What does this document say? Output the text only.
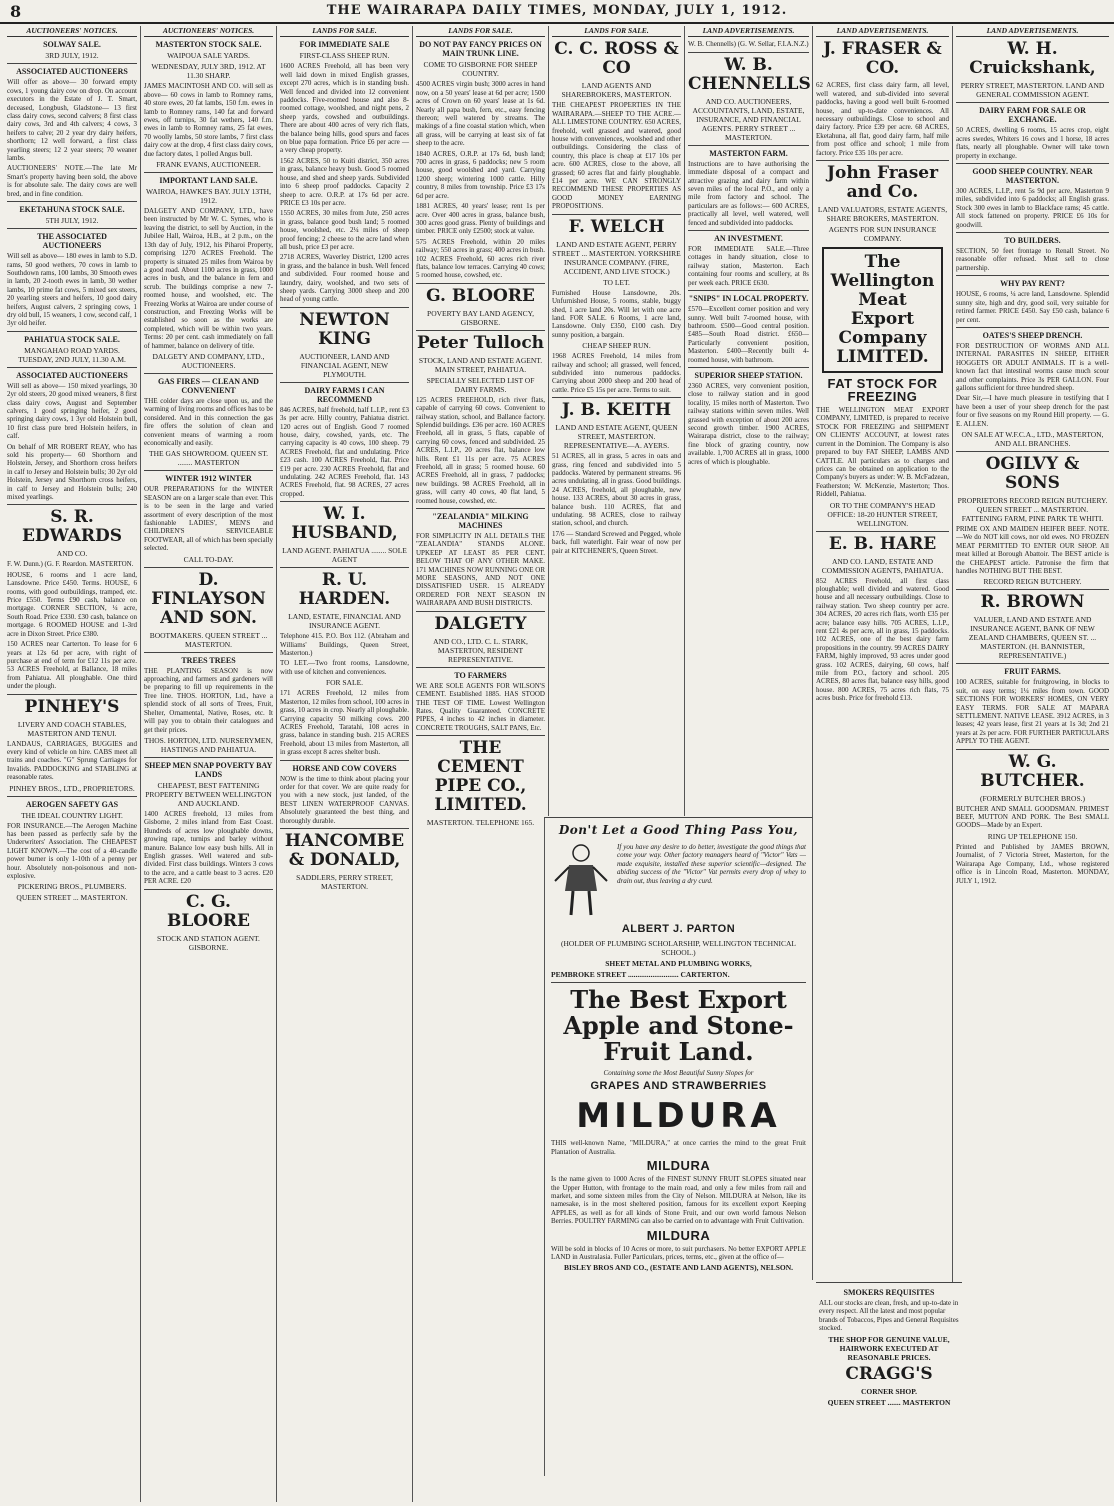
8	THE WAIRARAPA DAILY TIMES, MONDAY, JULY 1, 1912.
AUCTIONEERS' NOTICES.
SOLWAY SALE.
3RD JULY, 1912.
ASSOCIATED AUCTIONEERS
Will offer as above— 30 forward empty cows, 1 young dairy cow on drop. On account executors in the Estate of J. T. Smart, deceased, Longbush, Gladstone— 13 first class dairy cows, second calvers; 8 first class dairy cows, 3rd and 4th calvers; 4 cows, 3 heifers to calve; 20 2 year dry dairy heifers, shorthorn; 12 well forward, a first class yearling steers; 12 2 year steers; 70 weaner lambs.
AUCTIONEERS' NOTE.—The late Mr Smart's property having been sold, the above is for absolute sale. The dairy cows are well bred, and in fine condition.
EKETAHUNA STOCK SALE.
5TH JULY, 1912.
THE ASSOCIATED AUCTIONEERS
Will sell as above— 180 ewes in lamb to S.D. rams, 50 good wethers, 70 cows in lamb to Southdown rams, 100 lambs, 30 Smooth ewes in lamb, 20 2-tooth ewes in lamb, 30 wether lambs, 10 prime fat cows, 5 mixed sex steers, 20 yearling steers and heifers, 10 good dairy heifers, August calvers, 2 springing cows, 1 dry old bull, 15 weaners, 1 cow, second calf, 1 3yr old heifer.
PAHIATUA STOCK SALE.
MANGAHAO ROAD YARDS. TUESDAY, 2ND JULY, 11.30 A.M.
ASSOCIATED AUCTIONEERS
Will sell as above— 150 mixed yearlings, 30 2yr old steers, 20 good mixed weaners, 8 first class dairy cows, August and September calvers, 1 good springing heifer, 2 good springing dairy cows, 1 3yr old Holstein bull, 10 first class pure bred Holstein heifers, in calf.
On behalf of MR ROBERT REAY, who has sold his property— 60 Shorthorn and Holstein, Jersey, and Shorthorn cross heifers in calf to Jersey and Holstein bulls; 30 2yr old Holstein, Jersey and Shorthorn cross heifers, in calf to Jersey and Holstein bulls; 240 mixed yearlings.
S. R. EDWARDS
AND CO.
F. W. Dunn.) (G. F. Reardon. MASTERTON.
HOUSE, 6 rooms and 1 acre land, Lansdowne. Price £450. Terms. HOUSE, 6 rooms, with good outbuildings, tramped, etc. Price £550. Terms £90 cash, balance on mortgage. CORNER SECTION, ¼ acre, South Road. Price £330. £30 cash, balance on mortgage. 6 ROOMED HOUSE and 1-3rd acre in Dixon Street. Price £380.
150 ACRES near Carterton. To lease for 6 years at 12s 6d per acre, with right of purchase at end of term for £12 11s per acre. 53 ACRES Freehold, at Ballance, 18 miles from Pahiatua. All ploughable. One third under the plough.
PINHEY'S
LIVERY AND COACH STABLES, MASTERTON AND TENUI.
LANDAUS, CARRIAGES, BUGGIES and every kind of vehicle on hire. CABS meet all trains and coaches. "G" Sprung Carriages for Invalids. PADDOCKING and STABLING at reasonable rates.
PINHEY BROS., LTD., PROPRIETORS.
AEROGEN SAFETY GAS
THE IDEAL COUNTRY LIGHT.
FOR INSURANCE.—The Aerogen Machine has been passed as perfectly safe by the Underwriters' Association. The CHEAPEST LIGHT KNOWN.—The cost of a 40-candle power burner is only 1-10th of a penny per hour. Absolutely non-poisonous and non-explosive.
PICKERING BROS., PLUMBERS.
QUEEN STREET ... MASTERTON.
AUCTIONEERS' NOTICES.
MASTERTON STOCK SALE.
WAIPOUA SALE YARDS.
WEDNESDAY, JULY 3RD, 1912. AT 11.30 SHARP.
JAMES MACINTOSH AND CO. will sell as above— 60 cows in lamb to Romney rams, 40 store ewes, 20 fat lambs, 150 f.m. ewes in lamb to Romney rams, 140 fat and forward ewes, off turnips, 30 fat wethers, 140 f.m. ewes in lamb to Romney rams, 25 fat ewes, 70 woolly lambs, 50 store lambs, 7 first class dairy cow at the drop, 4 first class dairy cows, due factory dates, 1 polled Angus bull.
FRANK EVANS, AUCTIONEER.
IMPORTANT LAND SALE.
WAIROA, HAWKE'S BAY. JULY 13TH, 1912.
DALGETY AND COMPANY, LTD., have been instructed by Mr W. C. Symes, who is leaving the district, to sell by Auction, in the Jubilee Hall, Wairoa, H.B., at 2 p.m., on the 13th day of July, 1912, his Piharoi Property, comprising 1270 ACRES Freehold. The property is situated 25 miles from Wairoa by a good road. About 1100 acres in grass, 1000 acres in bush, and the balance in fern and scrub. The buildings comprise a new 7-roomed house, and woolshed, etc. The Freezing Works at Wairoa are under course of construction, and Freezing Works will be established so soon as the works are completed, which will be within two years. Terms: 20 per cent. cash immediately on fall of hammer, balance on delivery of title.
DALGETY AND COMPANY, LTD., AUCTIONEERS.
GAS FIRES — CLEAN AND CONVENIENT
THE colder days are close upon us, and the warming of living rooms and offices has to be considered. And in this connection the gas fire offers the solution of clean and convenient means of warming a room economically and easily.
THE GAS SHOWROOM. QUEEN ST. ........ MASTERTON
WINTER 1912 WINTER
OUR PREPARATIONS for the WINTER SEASON are on a larger scale than ever. This is to be seen in the large and varied assortment of every description of the most fashionable LADIES', MEN'S and CHILDREN'S SERVICEABLE FOOTWEAR, all of which has been specially selected.
CALL TO-DAY.
D. FINLAYSON AND SON.
BOOTMAKERS. QUEEN STREET ... MASTERTON.
TREES TREES
THE PLANTING SEASON is now approaching, and farmers and gardeners will be preparing to fill up requirements in the Tree line. THOS. HORTON, Ltd., have a splendid stock of all sorts of Trees, Fruit, Shelter, Ornamental, Native, Roses, etc. It will pay you to obtain their catalogues and get their prices.
THOS. HORTON, LTD. NURSERYMEN, HASTINGS AND PAHIATUA.
SHEEP MEN SNAP POVERTY BAY LANDS
CHEAPEST, BEST FATTENING PROPERTY BETWEEN WELLINGTON AND AUCKLAND.
1400 ACRES freehold, 13 miles from Gisborne, 2 miles inland from East Coast. Hundreds of acres low ploughable downs, growing rape, turnips and barley without manure. Balance low easy bush hills. All in English grasses. Well watered and sub-divided. First class buildings. Winters 3 cows to the acre, and a cattle beast to 3 acres. £20 PER ACRE. £20
C. G. BLOORE
STOCK AND STATION AGENT. GISBORNE.
LANDS FOR SALE.
FOR IMMEDIATE SALE
FIRST-CLASS SHEEP RUN.
1600 ACRES Freehold, all has been very well laid down in mixed English grasses, except 270 acres, which is in standing bush. Well fenced and divided into 12 convenient paddocks. Five-roomed house and also 8-roomed cottage, woolshed, and night pens, 2 sheep yards, cowshed and outbuildings. There are about 400 acres of very rich flats, the balance being hills, good spurs and faces on blue papa formation. Price £6 per acre — a very cheap property.
1562 ACRES, 50 to Kuiti district, 350 acres in grass, balance heavy bush. Good 5 roomed house, and shed and sheep yards. Subdivided into 6 sheep proof paddocks. Capacity 2 sheep to acre. O.R.P. at 17s 6d per acre. PRICE £3 10s per acre.
1550 ACRES, 30 miles from Jute, 250 acres in grass, balance good bush land; 5 roomed house, woolshed, etc. 2¼ miles of sheep proof fencing; 2 cheese to the acre land when all bush, price £3 per acre.
2718 ACRES, Waverley District, 1200 acres in grass, and the balance in bush. Well fenced and subdivided. Four roomed house and laundry, dairy, woolshed, and two sets of sheep yards. Carrying 3000 sheep and 200 head of young cattle.
NEWTON KING
AUCTIONEER, LAND AND FINANCIAL AGENT, NEW PLYMOUTH.
DAIRY FARMS I CAN RECOMMEND
846 ACRES, half freehold, half L.I.P., rent £3 3s per acre. Hilly country, Pahiatua district. 120 acres out of English. Good 7 roomed house, dairy, cowshed, yards, etc. The carrying capacity is 40 cows, 100 sheep. 79 ACRES Freehold, flat and undulating. Price £23 cash. 100 ACRES Freehold, flat. Price £19 per acre. 230 ACRES Freehold, flat and undulating. 242 ACRES Freehold, flat. 143 ACRES Freehold, flat. 98 ACRES, 27 acres cropped.
W. I. HUSBAND,
LAND AGENT. PAHIATUA ........ SOLE AGENT
R. U. HARDEN.
LAND, ESTATE, FINANCIAL AND INSURANCE AGENT.
Telephone 415. P.O. Box 112. (Abraham and Williams' Buildings, Queen Street, Masterton.)
TO LET.—Two front rooms, Lansdowne, with use of kitchen and conveniences.
FOR SALE.
171 ACRES Freehold, 12 miles from Masterton, 12 miles from school, 100 acres in grass, 10 acres in crop. Nearly all ploughable. Carrying capacity 50 milking cows. 200 ACRES Freehold, Taratahi, 108 acres in grass, balance in standing bush. 215 ACRES Freehold, about 13 miles from Masterton, all in grass except 8 acres shelter bush.
HORSE AND COW COVERS
NOW is the time to think about placing your order for that cover. We are quite ready for you with a new stock, just landed, of the BEST LINEN WATERPROOF CANVAS. Absolutely guaranteed the best thing, and thoroughly durable.
HANCOMBE & DONALD,
SADDLERS, PERRY STREET, MASTERTON.
LANDS FOR SALE.
DO NOT PAY FANCY PRICES ON MAIN TRUNK LINE.
COME TO GISBORNE FOR SHEEP COUNTRY.
4500 ACRES virgin bush; 3000 acres in hand now, on a 50 years' lease at 6d per acre; 1500 acres of Crown on 60 years' lease at 1s 6d. Nearly all papa bush, fern, etc., easy fencing thereon; well watered by streams. The makings of a fine coastal station which, when all grass, will be carrying at least six of fat sheep to the acre.
1840 ACRES, O.R.P. at 17s 6d, bush land; 700 acres in grass, 6 paddocks; new 5 room house, good woolshed and yard. Carrying 1200 sheep; wintering 1000 cattle. Hilly country, 8 miles from township. Price £3 17s 6d per acre.
1881 ACRES, 40 years' lease; rent 1s per acre. Over 400 acres in grass, balance bush, 300 acres good grass. Plenty of buildings and timber. PRICE only £2500; stock at value.
575 ACRES Freehold, within 20 miles railway; 550 acres in grass; 400 acres in bush. 102 ACRES Freehold, 60 acres rich river flats, balance low terraces. Carrying 40 cows; 5 roomed house, cowshed, etc.
G. BLOORE
POVERTY BAY LAND AGENCY, GISBORNE.
Peter Tulloch
STOCK, LAND AND ESTATE AGENT. MAIN STREET, PAHIATUA.
SPECIALLY SELECTED LIST OF DAIRY FARMS.
125 ACRES FREEHOLD, rich river flats, capable of carrying 60 cows. Convenient to railway station, school, and Ballance factory. Splendid buildings. £36 per acre. 160 ACRES Freehold, all in grass, 5 flats, capable of carrying 60 cows, fenced and subdivided. 25 ACRES, L.I.P., 20 acres flat, balance low hills. Rent £1 11s per acre. 75 ACRES Freehold, all in grass; 5 roomed house. 60 ACRES Freehold, all in grass, 7 paddocks; new buildings. 98 ACRES Freehold, all in grass, will carry 40 cows, 40 flat land, 5 roomed house, cowshed, etc.
"ZEALANDIA" MILKING MACHINES
FOR SIMPLICITY IN ALL DETAILS THE "ZEALANDIA" STANDS ALONE. UPKEEP AT LEAST 85 PER CENT. BELOW THAT OF ANY OTHER MAKE. 171 MACHINES NOW RUNNING ONE OR MORE SEASONS, AND NOT ONE DISSATISFIED USER. 15 ALREADY ORDERED FOR NEXT SEASON IN WAIRARAPA AND BUSH DISTRICTS.
DALGETY
AND CO., LTD. C. L. STARK, MASTERTON, RESIDENT REPRESENTATIVE.
TO FARMERS
WE ARE SOLE AGENTS FOR WILSON'S CEMENT. Established 1885. HAS STOOD THE TEST OF TIME. Lowest Wellington Rates. Quality Guaranteed. CONCRETE PIPES, 4 inches to 42 inches in diameter. CONCRETE TROUGHS, SALT PANS, Etc.
THE CEMENT PIPE CO., LIMITED.
MASTERTON. TELEPHONE 165.
LANDS FOR SALE.
C. C. ROSS & CO
LAND AGENTS AND SHAREBROKERS, MASTERTON.
THE CHEAPEST PROPERTIES IN THE WAIRARAPA.—SHEEP TO THE ACRE.—ALL LIMESTONE COUNTRY. 650 ACRES, freehold, well grassed and watered, good house with conveniences, woolshed and other outbuildings. Considering the class of country, this place is cheap at £17 10s per acre. 600 ACRES, close to the above, all grassed; 60 acres flat and fairly ploughable. £14 per acre. WE CAN STRONGLY RECOMMEND THESE PROPERTIES AS GOOD MONEY EARNING PROPOSITIONS.
F. WELCH
LAND AND ESTATE AGENT, PERRY STREET ... MASTERTON. YORKSHIRE INSURANCE COMPANY. (FIRE, ACCIDENT, AND LIVE STOCK.)
TO LET.
Furnished House Lansdowne, 20s. Unfurnished House, 5 rooms, stable, buggy shed, 1 acre land 20s. Will let with one acre land. FOR SALE. 6 Rooms, 1 acre land, Lansdowne. Only £350, £100 cash. Dry sunny position, a bargain.
CHEAP SHEEP RUN.
1968 ACRES Freehold, 14 miles from railway and school; all grassed, well fenced, subdivided into numerous paddocks. Carrying about 2000 sheep and 200 head of cattle. Price £5 15s per acre. Terms to suit.
J. B. KEITH
LAND AND ESTATE AGENT, QUEEN STREET, MASTERTON. REPRESENTATIVE—A. AYERS.
51 ACRES, all in grass, 5 acres in oats and grass, ring fenced and subdivided into 5 paddocks. Watered by permanent streams. 96 acres undulating, all in grass. Good buildings. 24 ACRES, freehold, all ploughable, new house. 133 ACRES, about 30 acres in grass, balance bush. 110 ACRES, flat and undulating. 98 ACRES, close to railway station, school, and church.
17/6 — Standard Screwed and Pegged, whole back, full waterlight. Fair wear of now per pair at KITCHENER'S, Queen Street.
LAND ADVERTISEMENTS.
W. B. Chennells) (G. W. Sellar, F.I.A.N.Z.)
W. B. CHENNELLS
AND CO. AUCTIONEERS, ACCOUNTANTS, LAND, ESTATE, INSURANCE, AND FINANCIAL AGENTS. PERRY STREET ... MASTERTON.
MASTERTON FARM.
Instructions are to have authorising the immediate disposal of a compact and attractive grazing and dairy farm within seven miles of the local P.O., and only a mile from factory and school. The particulars are as follows:— 600 ACRES, practically all level, well watered, well fenced and subdivided into paddocks.
AN INVESTMENT.
FOR IMMEDIATE SALE.—Three cottages in handy situation, close to railway station, Masterton. Each containing four rooms and scullery, at 8s per week each. PRICE £630.
"SNIPS" IN LOCAL PROPERTY.
£570—Excellent corner position and very sunny. Well built 7-roomed house, with bathroom. £500—Good central position. £485—South Road district. £650—Particularly convenient position, Masterton. £400—Recently built 4-roomed house, with bathroom.
SUPERIOR SHEEP STATION.
2360 ACRES, very convenient position, close to railway station and in good locality, 15 miles north of Masterton. Two railway stations within seven miles. Well grassed with exception of about 200 acres second growth timber. 1900 ACRES, Wairarapa district, close to the railway; fine block of grazing country, now available. 1,700 ACRES all in grass, 1000 acres of which is ploughable.
LAND ADVERTISEMENTS.
J. FRASER & CO.
62 ACRES, first class dairy farm, all level, well watered, and sub-divided into several paddocks, having a good well built 6-roomed house, and up-to-date conveniences. All necessary outbuildings. Close to school and dairy factory. Price £39 per acre. 68 ACRES, Eketahuna, all flat, good dairy farm, half mile from post office and school; 1 mile from factory. Price £35 10s per acre.
John Fraser and Co.
LAND VALUATORS, ESTATE AGENTS, SHARE BROKERS, MASTERTON.
AGENTS FOR SUN INSURANCE COMPANY.
The Wellington Meat Export Company LIMITED.
FAT STOCK FOR FREEZING
THE WELLINGTON MEAT EXPORT COMPANY, LIMITED, is prepared to receive STOCK FOR FREEZING and SHIPMENT ON CLIENTS' ACCOUNT, at lowest rates current in the Dominion. The Company is also prepared to buy FAT SHEEP, LAMBS AND CATTLE. All particulars as to charges and prices can be obtained on application to the Company's buyers as under: W. B. McFadzean, Featherston; W. McKenzie, Masterton; Thos. Riddell, Pahiatua.
OR TO THE COMPANY'S HEAD OFFICE: 18-20 HUNTER STREET, WELLINGTON.
E. B. HARE
AND CO. LAND, ESTATE AND COMMISSION AGENTS, PAHIATUA.
852 ACRES Freehold, all first class ploughable; well divided and watered. Good house and all necessary outbuildings. Close to railway station. Two sheep country per acre. 304 ACRES, 20 acres rich flats, worth £35 per acre; balance easy hills. 705 ACRES, L.I.P., rent £21 4s per acre, all in grass, 15 paddocks. 102 ACRES, one of the best dairy farm propositions in the country. 99 ACRES DAIRY FARM, highly improved, 93 acres under good grass. 102 ACRES, dairying, 60 cows, half mile from P.O., factory and school. 205 ACRES, 80 acres flat, balance easy hills, good house. 800 ACRES, 75 acres rich flats, 75 acres bush. Price for freehold £13.
LAND ADVERTISEMENTS.
W. H. Cruickshank,
PERRY STREET, MASTERTON. LAND AND GENERAL COMMISSION AGENT.
DAIRY FARM FOR SALE OR EXCHANGE.
50 ACRES, dwelling 6 rooms, 15 acres crop, eight acres swedes, Whiters 16 cows and 1 horse, 18 acres flats, nearly all ploughable. Owner will take town property in exchange.
GOOD SHEEP COUNTRY. NEAR MASTERTON.
300 ACRES, L.I.P., rent 5s 9d per acre, Masterton 9 miles, subdivided into 6 paddocks; all English grass. Stock 300 ewes in lamb to Blackface rams; 45 cattle. All stock fattened on property. PRICE £6 10s for goodwill.
TO BUILDERS.
SECTION, 50 feet frontage to Renall Street. No reasonable offer refused. Must sell to close partnership.
WHY PAY RENT?
HOUSE, 6 rooms, ¼ acre land, Lansdowne. Splendid sunny site, high and dry, good soil, very suitable for retired farmer. PRICE £450. Say £50 cash, balance 6 per cent.
OATES'S SHEEP DRENCH.
FOR DESTRUCTION OF WORMS AND ALL INTERNAL PARASITES IN SHEEP, EITHER HOGGETS OR ADULT ANIMALS. IT is a well-known fact that intestinal worms cause much scour and other complaints. Price 3s PER GALLON. Four gallons sufficient for three hundred sheep.
Dear Sir,—I have much pleasure in testifying that I have been a user of your sheep drench for the past four or five seasons on my Round Hill property. — G. E. ALLEN.
ON SALE AT W.F.C.A., LTD., MASTERTON, AND ALL BRANCHES.
OGILVY & SONS
PROPRIETORS RECORD REIGN BUTCHERY. QUEEN STREET ... MASTERTON. FATTENING FARM, PINE PARK TE WHITI.
PRIME OX AND MAIDEN HEIFER BEEF. NOTE.—We do NOT kill cows, nor old ewes. NO FROZEN MEAT PERMITTED TO ENTER OUR SHOP. All meat killed at Borough Abattoir. The BEST article is the CHEAPEST article. Patronise the firm that handles NOTHING BUT THE BEST.
RECORD REIGN BUTCHERY.
R. BROWN
VALUER, LAND AND ESTATE AND INSURANCE AGENT, BANK OF NEW ZEALAND CHAMBERS, QUEEN ST. ... MASTERTON. (H. BANNISTER, REPRESENTATIVE.)
FRUIT FARMS.
100 ACRES, suitable for fruitgrowing, in blocks to suit, on easy terms; 1¼ miles from town. GOOD SECTIONS FOR WORKERS' HOMES, ON VERY EASY TERMS. FOR SALE AT MAPARA SETTLEMENT. NATIVE LEASE. 3912 ACRES, in 3 leases; 42 years lease, first 21 years at 1s 3d; 2nd 21 years at 2s per acre. FOR FURTHER PARTICULARS APPLY TO THE AGENT.
W. G. BUTCHER.
(FORMERLY BUTCHER BROS.)
BUTCHER AND SMALL GOODSMAN. PRIMEST BEEF, MUTTON AND PORK. The Best SMALL GOODS—Made by an Expert.
RING UP TELEPHONE 150.
Printed and Published by JAMES BROWN, Journalist, of 7 Victoria Street, Masterton, for the Wairarapa Age Company, Ltd., whose registered office is in Lincoln Road, Masterton. MONDAY, JULY 1, 1912.
Don't Let a Good Thing Pass You,
If you have any desire to do better, investigate the good things that come your way. Other factory managers heard of "Victor" Vats — made exquisite, installed these superior scientific—designed. The abiding success of the "Victor" Vat permits every drop of whey to drain out, thus leaving a dry curd.
ALBERT J. PARTON
(HOLDER OF PLUMBING SCHOLARSHIP, WELLINGTON TECHNICAL SCHOOL.)
SHEET METAL AND PLUMBING WORKS,
PEMBROKE STREET ........................... CARTERTON.
The Best Export Apple and Stone-Fruit Land.
Containing some the Most Beautiful Sunny Slopes for
GRAPES AND STRAWBERRIES
MILDURA
THIS well-known Name, "MILDURA," at once carries the mind to the great Fruit Plantation of Australia.
MILDURA
Is the name given to 1000 Acres of the FINEST SUNNY FRUIT SLOPES situated near the Upper Hutton, with frontage to the main road, and only a few miles from rail and market, and some sixteen miles from the City of Nelson. MILDURA at Nelson, like its namesake, is in the most sheltered position, famous for its excellent export Keeping APPLES, as well as for all kinds of Stone Fruit, and our own world famous Nelson Berries. POULTRY FARMING can also be carried on to advantage with Fruit Cultivation.
MILDURA
Will be sold in blocks of 10 Acres or more, to suit purchasers. No better EXPORT APPLE LAND in Australasia. Fuller Particulars, prices, terms, etc., given at the office of—
BISLEY BROS AND CO., (ESTATE AND LAND AGENTS), NELSON.
SMOKERS REQUISITES
ALL our stocks are clean, fresh, and up-to-date in every respect. All the latest and most popular brands of Tobaccos, Pipes and General Requisites stocked.
THE SHOP FOR GENUINE VALUE, HAIRWORK EXECUTED AT REASONABLE PRICES.
CRAGG'S
CORNER SHOP.
QUEEN STREET ....... MASTERTON
